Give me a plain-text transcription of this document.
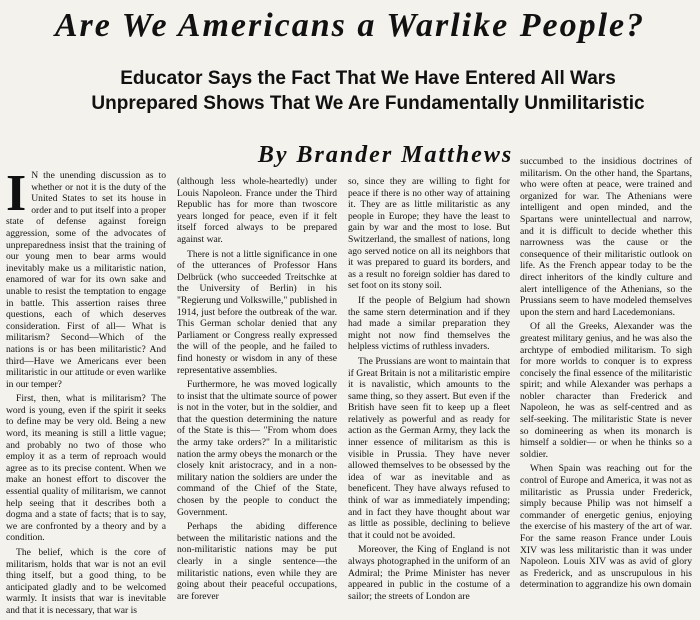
Are We Americans a Warlike People?
Educator Says the Fact That We Have Entered All Wars Unprepared Shows That We Are Fundamentally Unmilitaristic
By Brander Matthews

I N the unending discussion as to whether or not it is the duty of the United States to set its house in order and to put itself into a proper state of defense against foreign aggression, some of the advocates of unpreparedness insist that the training of our young men to bear arms would inevitably make us a militaristic nation, enamored of war for its own sake and unable to resist the temptation to engage in battle. This assertion raises three questions, each of which deserves consideration. First of all— What is militarism? Second—Which of the nations is or has been militaristic? And third—Have we Americans ever been militaristic in our attitude or even warlike in our temper?

First, then, what is militarism? The word is young, even if the spirit it seeks to define may be very old. Being a new word, its meaning is still a little vague; and probably no two of those who employ it as a term of reproach would agree as to its precise content. When we make an honest effort to discover the essential quality of militarism, we cannot help seeing that it describes both a dogma and a state of facts; that is to say, we are confronted by a theory and by a condition.

The belief, which is the core of militarism, holds that war is not an evil thing itself, but a good thing, to be anticipated gladly and to be welcomed warmly. It insists that war is inevitable and that it is necessary, that war is

(although less whole-heartedly) under Louis Napoleon. France under the Third Republic has for more than twoscore years longed for peace, even if it felt itself forced always to be prepared against war.

There is not a little significance in one of the utterances of Professor Hans Delbrück (who succeeded Treitschke at the University of Berlin) in his "Regierung und Volkswille," published in 1914, just before the outbreak of the war. This German scholar denied that any Parliament or Congress really expressed the will of the people, and he failed to find honesty or wisdom in any of these representative assemblies.

Furthermore, he was moved logically to insist that the ultimate source of power is not in the voter, but in the soldier, and that the question determining the nature of the State is this— "From whom does the army take orders?" In a militaristic nation the army obeys the monarch or the closely knit aristocracy, and in a non-military nation the soldiers are under the command of the Chief of the State, chosen by the people to conduct the Government.

Perhaps the abiding difference between the militaristic nations and the non-militaristic nations may be put clearly in a single sentence—the militaristic nations, even while they are going about their peaceful occupations, are forever

so, since they are willing to fight for peace if there is no other way of attaining it. They are as little militaristic as any people in Europe; they have the least to gain by war and the most to lose. But Switzerland, the smallest of nations, long ago served notice on all its neighbors that it was prepared to guard its borders, and as a result no foreign soldier has dared to set foot on its stony soil.

If the people of Belgium had shown the same stern determination and if they had made a similar preparation they might not now find themselves the helpless victims of ruthless invaders.

The Prussians are wont to maintain that if Great Britain is not a militaristic empire it is navalistic, which amounts to the same thing, so they assert. But even if the British have seen fit to keep up a fleet relatively as powerful and as ready for action as the German Army, they lack the inner essence of militarism as this is visible in Prussia. They have never allowed themselves to be obsessed by the idea of war as inevitable and as beneficent. They have always refused to think of war as immediately impending; and in fact they have thought about war as little as possible, declining to believe that it could not be avoided.

Moreover, the King of England is not always photographed in the uniform of an Admiral; the Prime Minister has never appeared in public in the costume of a sailor; the streets of London are

succumbed to the insidious doctrines of militarism. On the other hand, the Spartans, who were often at peace, were trained and organized for war. The Athenians were intelligent and open minded, and the Spartans were unintellectual and narrow, and it is difficult to decide whether this narrowness was the cause or the consequence of their militaristic outlook on life. As the French appear today to be the direct inheritors of the kindly culture and alert intelligence of the Athenians, so the Prussians seem to have modeled themselves upon the stern and hard Lacedemonians.

Of all the Greeks, Alexander was the greatest military genius, and he was also the archtype of embodied militarism. To sigh for more worlds to conquer is to express concisely the final essence of the militaristic spirit; and while Alexander was perhaps a nobler character than Frederick and Napoleon, he was as self-centred and as self-seeking. The militaristic State is never so domineering as when its monarch is himself a soldier— or when he thinks so a soldier.

When Spain was reaching out for the control of Europe and America, it was not as militaristic as Prussia under Frederick, simply because Philip was not himself a commander of energetic genius, enjoying the exercise of his mastery of the art of war. For the same reason France under Louis XIV was less militaristic than it was under Napoleon. Louis XIV was as avid of glory as Frederick, and as unscrupulous in his determination to aggrandize his own domain
